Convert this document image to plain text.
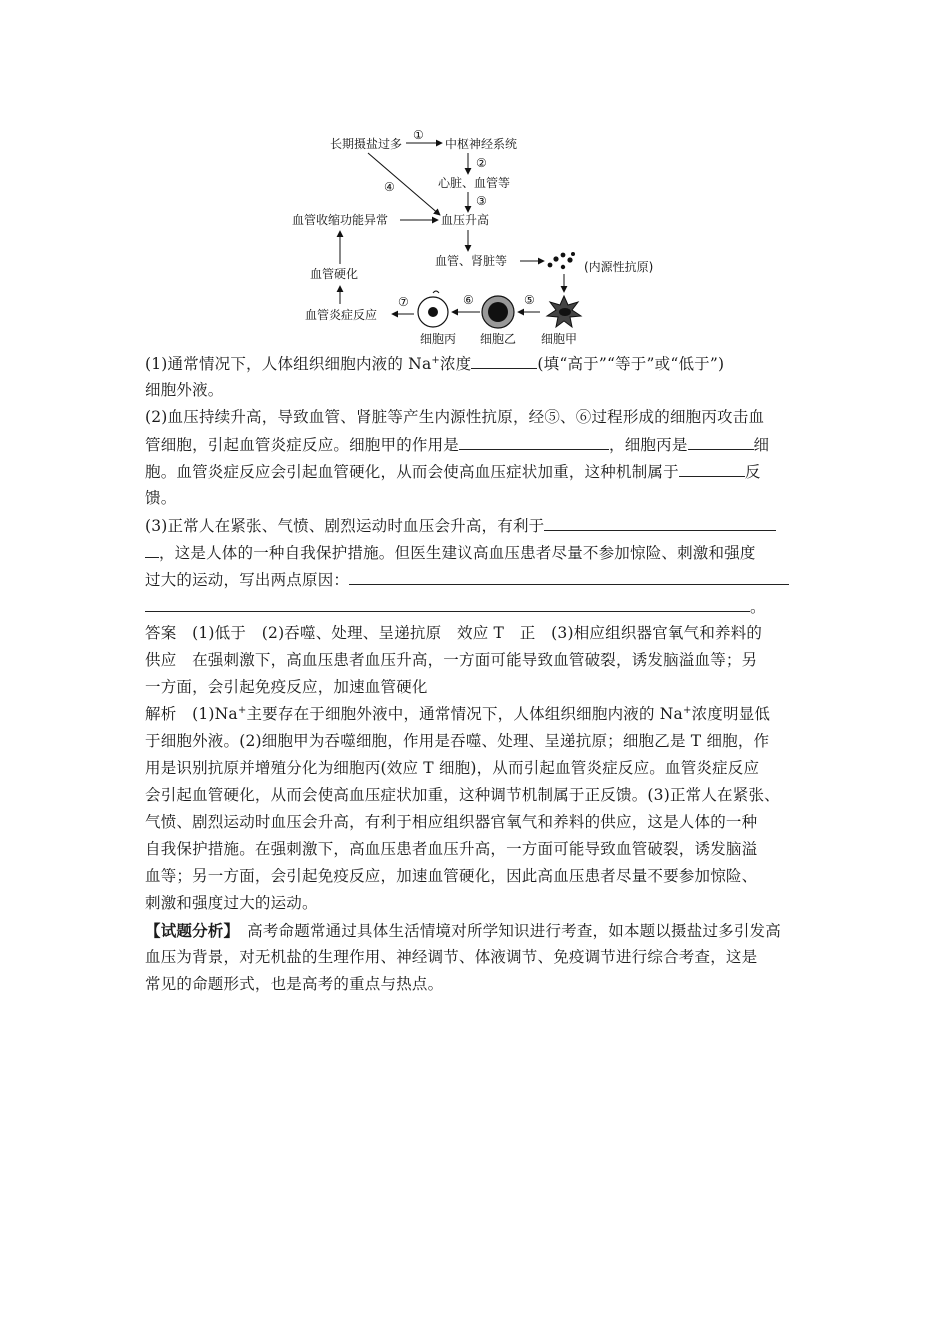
长期摄盐过多	中枢神经系统
心脏、血管等
血压升高
血管收缩功能异常
血管硬化
血管炎症反应
血管、肾脏等	(内源性抗原)
细胞丙 细胞乙 细胞甲
①
②
③
④
⑤
⑥
⑦
(1)通常情况下，人体组织细胞内液的 Na+浓度	(填“高于”“等于”或“低于”)
细胞外液。
(2)血压持续升高，导致血管、肾脏等产生内源性抗原，经⑤、⑥过程形成的细胞丙攻击血
管细胞，引起血管炎症反应。细胞甲的作用是	，细胞丙是	细
胞。血管炎症反应会引起血管硬化，从而会使高血压症状加重，这种机制属于	反
馈。
(3)正常人在紧张、气愤、剧烈运动时血压会升高，有利于
，这是人体的一种自我保护措施。但医生建议高血压患者尽量不参加惊险、刺激和强度
过大的运动，写出两点原因：
。
答案　(1)低于　(2)吞噬、处理、呈递抗原　效应 T　正　(3)相应组织器官氧气和养料的
供应　在强刺激下，高血压患者血压升高，一方面可能导致血管破裂，诱发脑溢血等；另
一方面，会引起免疫反应，加速血管硬化
解析　(1)Na+主要存在于细胞外液中，通常情况下，人体组织细胞内液的 Na+浓度明显低
于细胞外液。(2)细胞甲为吞噬细胞，作用是吞噬、处理、呈递抗原；细胞乙是 T 细胞，作
用是识别抗原并增殖分化为细胞丙(效应 T 细胞)，从而引起血管炎症反应。血管炎症反应
会引起血管硬化，从而会使高血压症状加重，这种调节机制属于正反馈。(3)正常人在紧张、
气愤、剧烈运动时血压会升高，有利于相应组织器官氧气和养料的供应，这是人体的一种
自我保护措施。在强刺激下，高血压患者血压升高，一方面可能导致血管破裂，诱发脑溢
血等；另一方面，会引起免疫反应，加速血管硬化，因此高血压患者尽量不要参加惊险、
刺激和强度过大的运动。
【试题分析】　高考命题常通过具体生活情境对所学知识进行考查，如本题以摄盐过多引发高
血压为背景，对无机盐的生理作用、神经调节、体液调节、免疫调节进行综合考查，这是
常见的命题形式，也是高考的重点与热点。
